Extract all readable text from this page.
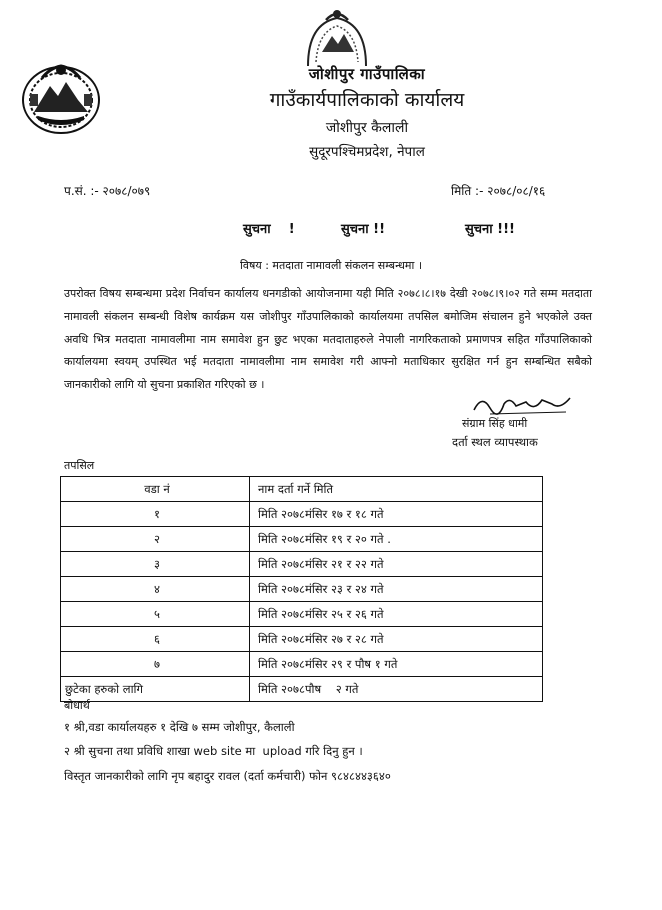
जोशीपुर गाउँपालिका
गाउँकार्यपालिकाको कार्यालय
जोशीपुर कैलाली
सुदूरपश्चिमप्रदेश, नेपाल
प.सं. :- २०७८/०७९	मिति :- २०७८/०८/१६
सुचना    !	सुचना !!	सुचना !!!
विषय : मतदाता नामावली संकलन सम्बन्धमा ।
उपरोक्त विषय सम्बन्धमा प्रदेश निर्वाचन कार्यालय धनगडीको आयोजनामा यही मिति २०७८।८।१७ देखी २०७८।९।०२ गते सम्म मतदाता नामावली संकलन सम्बन्धी विशेष कार्यक्रम यस जोशीपुर गाँउपालिकाको कार्यालयमा तपसिल बमोजिम संचालन हुने भएकोले उक्त अवधि भित्र मतदाता नामावलीमा नाम समावेश हुन छुट भएका मतदाताहरुले नेपाली नागरिकताको प्रमाणपत्र सहित गाँउपालिकाको कार्यालयमा स्वयम् उपस्थित भई मतदाता नामावलीमा नाम समावेश गरी आफ्नो मताधिकार सुरक्षित गर्न हुन सम्बन्धित सबैको जानकारीको लागि यो सुचना प्रकाशित गरिएको छ ।
संग्राम सिंह धामी
दर्ता स्थल व्यापस्थाक
तपसिल
वडा नं	नाम दर्ता गर्ने मिति
१	मिति २०७८मंसिर १७ र १८ गते
२	मिति २०७८मंसिर १९ र २० गते .
३	मिति २०७८मंसिर २१ र २२ गते
४	मिति २०७८मंसिर २३ र २४ गते
५	मिति २०७८मंसिर २५ र २६ गते
६	मिति २०७८मंसिर २७ र २८ गते
७	मिति २०७८मंसिर २९ र पौष १ गते
छुटेका हरुको लागि	मिति २०७८पौष    २ गते
बोधार्थ
१ श्री,वडा कार्यालयहरु १ देखि ७ सम्म जोशीपुर, कैलाली
२ श्री सुचना तथा प्रविधि शाखा web site मा  upload गरि दिनु हुन ।
विस्तृत जानकारीको लागि नृप बहादुर रावल (दर्ता कर्मचारी) फोन ९८४८४४३६४०
